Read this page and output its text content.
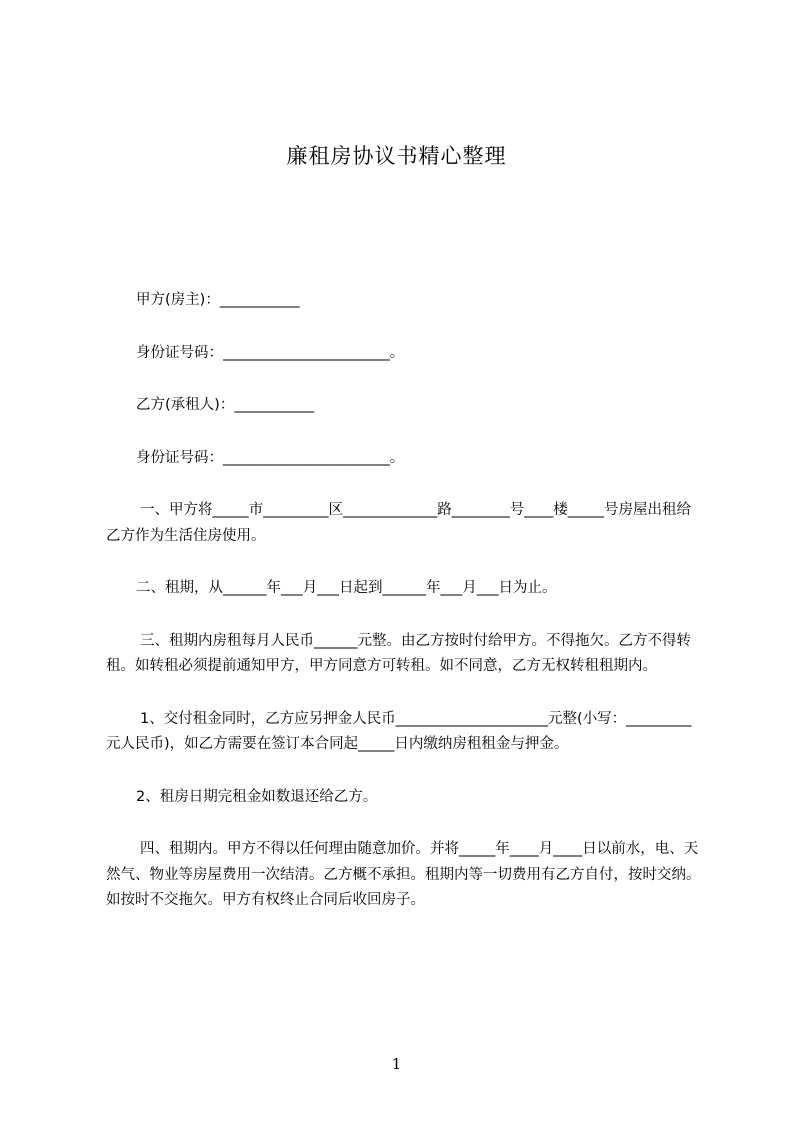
廉租房协议书精心整理

甲方(房主)：___________

身份证号码：_______________________。

乙方(承租人)：___________

身份证号码：_______________________。

一、甲方将_____市_________区_____________路________号____楼_____号房屋出租给乙方作为生活住房使用。

二、租期，从______年___月___日起到______年___月___日为止。

三、租期内房租每月人民币______元整。由乙方按时付给甲方。不得拖欠。乙方不得转租。如转租必须提前通知甲方，甲方同意方可转租。如不同意，乙方无权转租租期内。

1、交付租金同时，乙方应另押金人民币_____________________元整(小写：_________元人民币)，如乙方需要在签订本合同起_____日内缴纳房租租金与押金。

2、租房日期完租金如数退还给乙方。

四、租期内。甲方不得以任何理由随意加价。并将_____年____月____日以前水，电、天然气、物业等房屋费用一次结清。乙方概不承担。租期内等一切费用有乙方自付，按时交纳。如按时不交拖欠。甲方有权终止合同后收回房子。

1
